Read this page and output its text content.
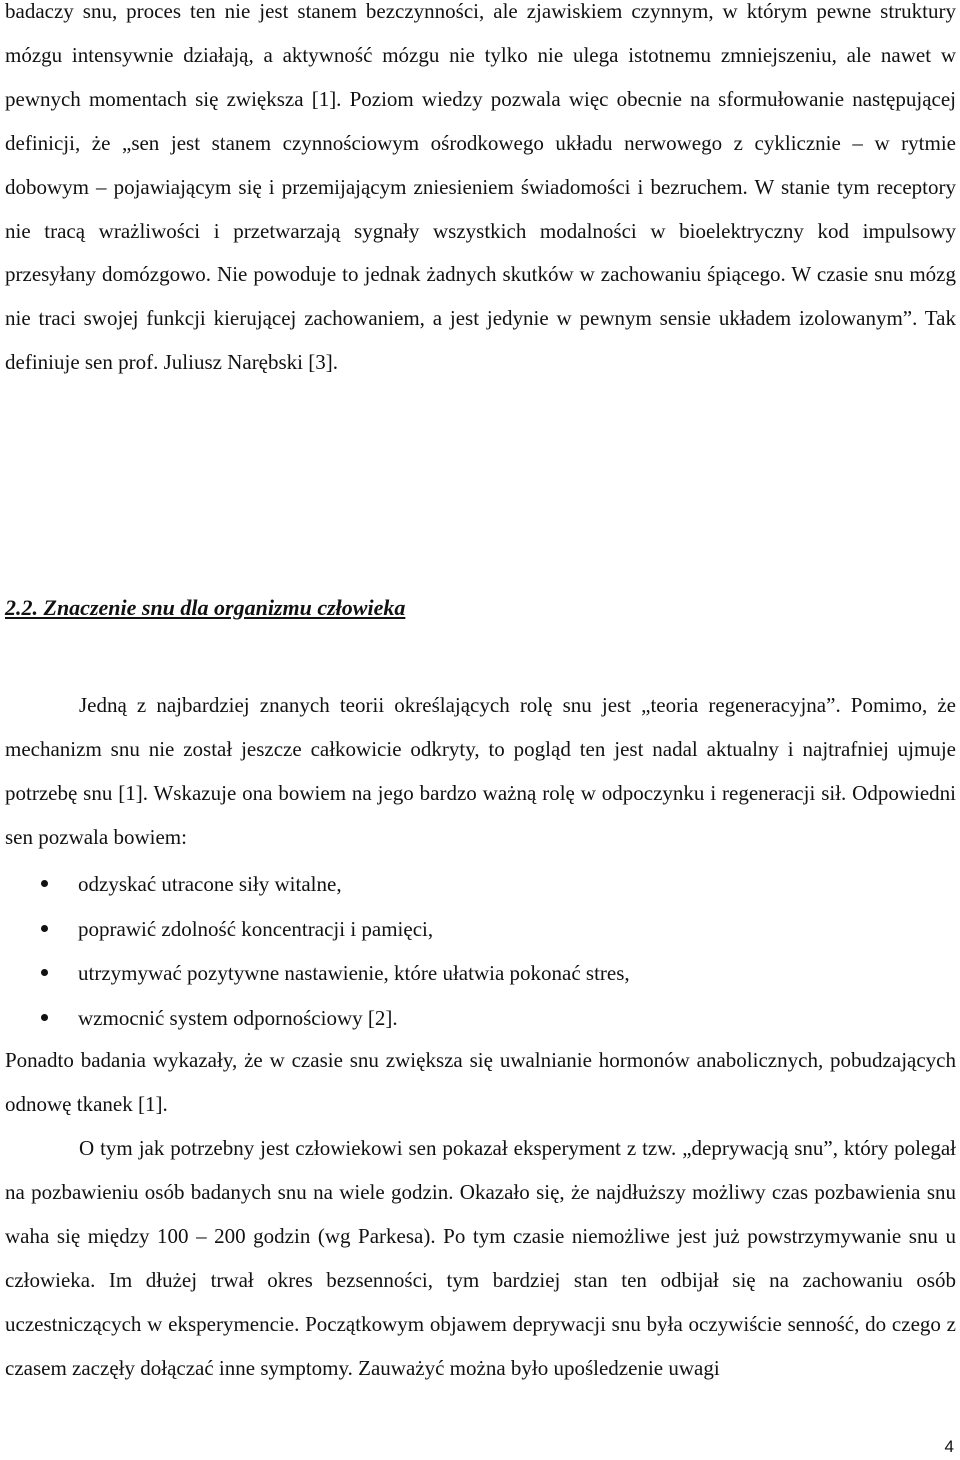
badaczy snu, proces ten nie jest stanem bezczynności, ale zjawiskiem czynnym, w którym pewne struktury mózgu intensywnie działają, a aktywność mózgu nie tylko nie ulega istotnemu zmniejszeniu, ale nawet w pewnych momentach się zwiększa [1]. Poziom wiedzy pozwala więc obecnie na sformułowanie następującej definicji, że „sen jest stanem czynnościowym ośrodkowego układu nerwowego z cyklicznie – w rytmie dobowym – pojawiającym się i przemijającym zniesieniem świadomości i bezruchem. W stanie tym receptory nie tracą wrażliwości i przetwarzają sygnały wszystkich modalności w bioelektryczny kod impulsowy przesyłany domózgowo. Nie powoduje to jednak żadnych skutków w zachowaniu śpiącego. W czasie snu mózg nie traci swojej funkcji kierującej zachowaniem, a jest jedynie w pewnym sensie układem izolowanym”. Tak definiuje sen prof. Juliusz Narębski [3].

2.2. Znaczenie snu dla organizmu człowieka

Jedną z najbardziej znanych teorii określających rolę snu jest „teoria regeneracyjna”. Pomimo, że mechanizm snu nie został jeszcze całkowicie odkryty, to pogląd ten jest nadal aktualny i najtrafniej ujmuje potrzebę snu [1]. Wskazuje ona bowiem na jego bardzo ważną rolę w odpoczynku i regeneracji sił. Odpowiedni sen pozwala bowiem:

odzyskać utracone siły witalne,
poprawić zdolność koncentracji i pamięci,
utrzymywać pozytywne nastawienie, które ułatwia pokonać stres,
wzmocnić system odpornościowy [2].

Ponadto badania wykazały, że w czasie snu zwiększa się uwalnianie hormonów anabolicznych, pobudzających odnowę tkanek [1].

O tym jak potrzebny jest człowiekowi sen pokazał eksperyment z tzw. „deprywacją snu”, który polegał na pozbawieniu osób badanych snu na wiele godzin. Okazało się, że najdłuższy możliwy czas pozbawienia snu waha się między 100 – 200 godzin (wg Parkesa). Po tym czasie niemożliwe jest już powstrzymywanie snu u człowieka. Im dłużej trwał okres bezsenności, tym bardziej stan ten odbijał się na zachowaniu osób uczestniczących w eksperymencie. Początkowym objawem deprywacji snu była oczywiście senność, do czego z czasem zaczęły dołączać inne symptomy. Zauważyć można było upośledzenie uwagi

4
